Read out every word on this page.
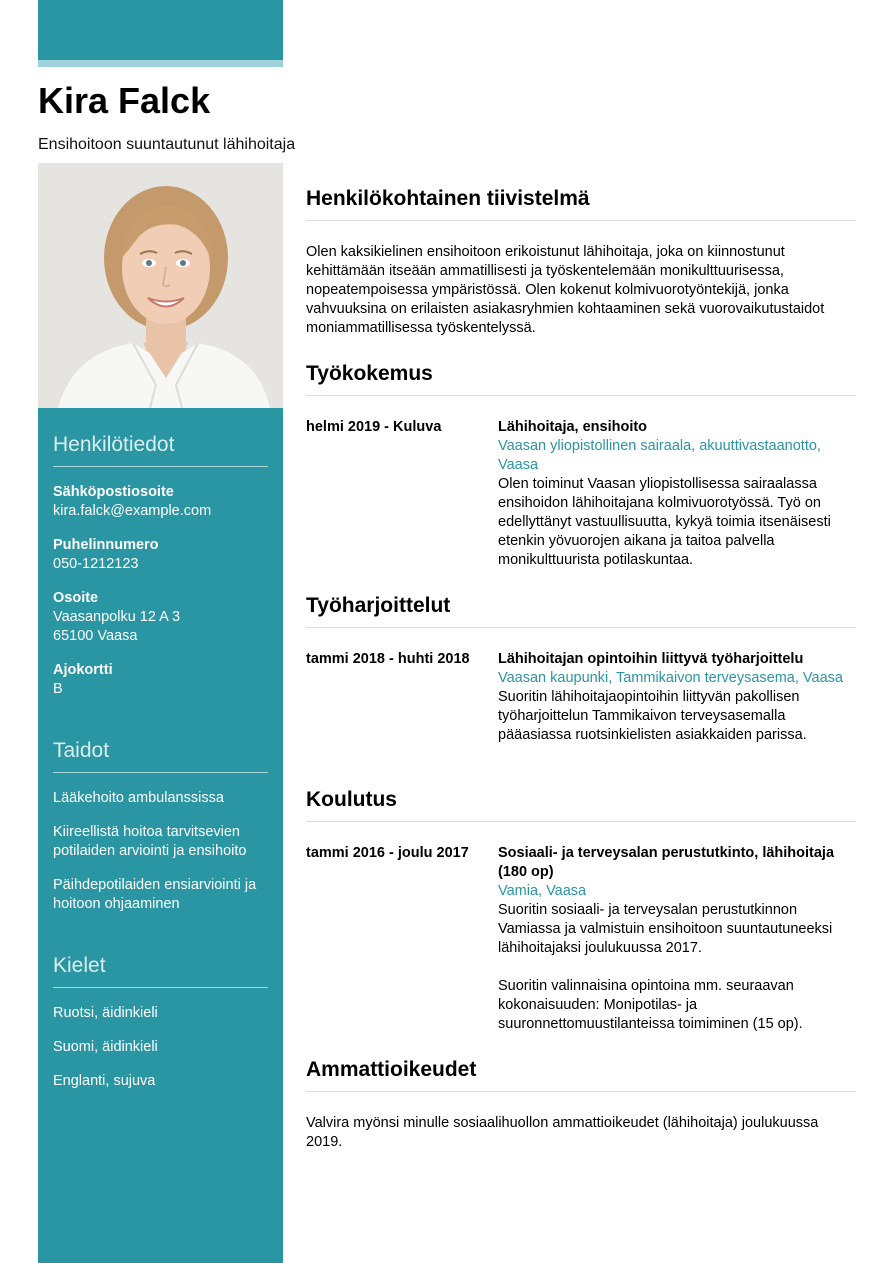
Kira Falck
Ensihoitoon suuntautunut lähihoitaja
Henkilötiedot
Sähköpostiosoite
kira.falck@example.com
Puhelinnumero
050-1212123
Osoite
Vaasanpolku 12 A 3
65100 Vaasa
Ajokortti
B
Taidot
Lääkehoito ambulanssissa
Kiireellistä hoitoa tarvitsevien potilaiden arviointi ja ensihoito
Päihdepotilaiden ensiarviointi ja hoitoon ohjaaminen
Kielet
Ruotsi, äidinkieli
Suomi, äidinkieli
Englanti, sujuva
Henkilökohtainen tiivistelmä
Olen kaksikielinen ensihoitoon erikoistunut lähihoitaja, joka on kiinnostunut kehittämään itseään ammatillisesti ja työskentelemään monikulttuurisessa, nopeatempoisessa ympäristössä. Olen kokenut kolmivuorotyöntekijä, jonka vahvuuksina on erilaisten asiakasryhmien kohtaaminen sekä vuorovaikutustaidot moniammatillisessa työskentelyssä.
Työkokemus
helmi 2019 - Kuluva	Lähihoitaja, ensihoito
Vaasan yliopistollinen sairaala, akuuttivastaanotto, Vaasa
Olen toiminut Vaasan yliopistollisessa sairaalassa ensihoidon lähihoitajana kolmivuorotyössä. Työ on edellyttänyt vastuullisuutta, kykyä toimia itsenäisesti etenkin yövuorojen aikana ja taitoa palvella monikulttuurista potilaskuntaa.
Työharjoittelut
tammi 2018 - huhti 2018	Lähihoitajan opintoihin liittyvä työharjoittelu
Vaasan kaupunki, Tammikaivon terveysasema, Vaasa
Suoritin lähihoitajaopintoihin liittyvän pakollisen työharjoittelun Tammikaivon terveysasemalla pääasiassa ruotsinkielisten asiakkaiden parissa.
Koulutus
tammi 2016 - joulu 2017	Sosiaali- ja terveysalan perustutkinto, lähihoitaja (180 op)
Vamia, Vaasa
Suoritin sosiaali- ja terveysalan perustutkinnon Vamiassa ja valmistuin ensihoitoon suuntautuneeksi lähihoitajaksi joulukuussa 2017.

Suoritin valinnaisina opintoina mm. seuraavan kokonaisuuden: Monipotilas- ja suuronnettomuustilanteissa toimiminen (15 op).
Ammattioikeudet
Valvira myönsi minulle sosiaalihuollon ammattioikeudet (lähihoitaja) joulukuussa 2019.
